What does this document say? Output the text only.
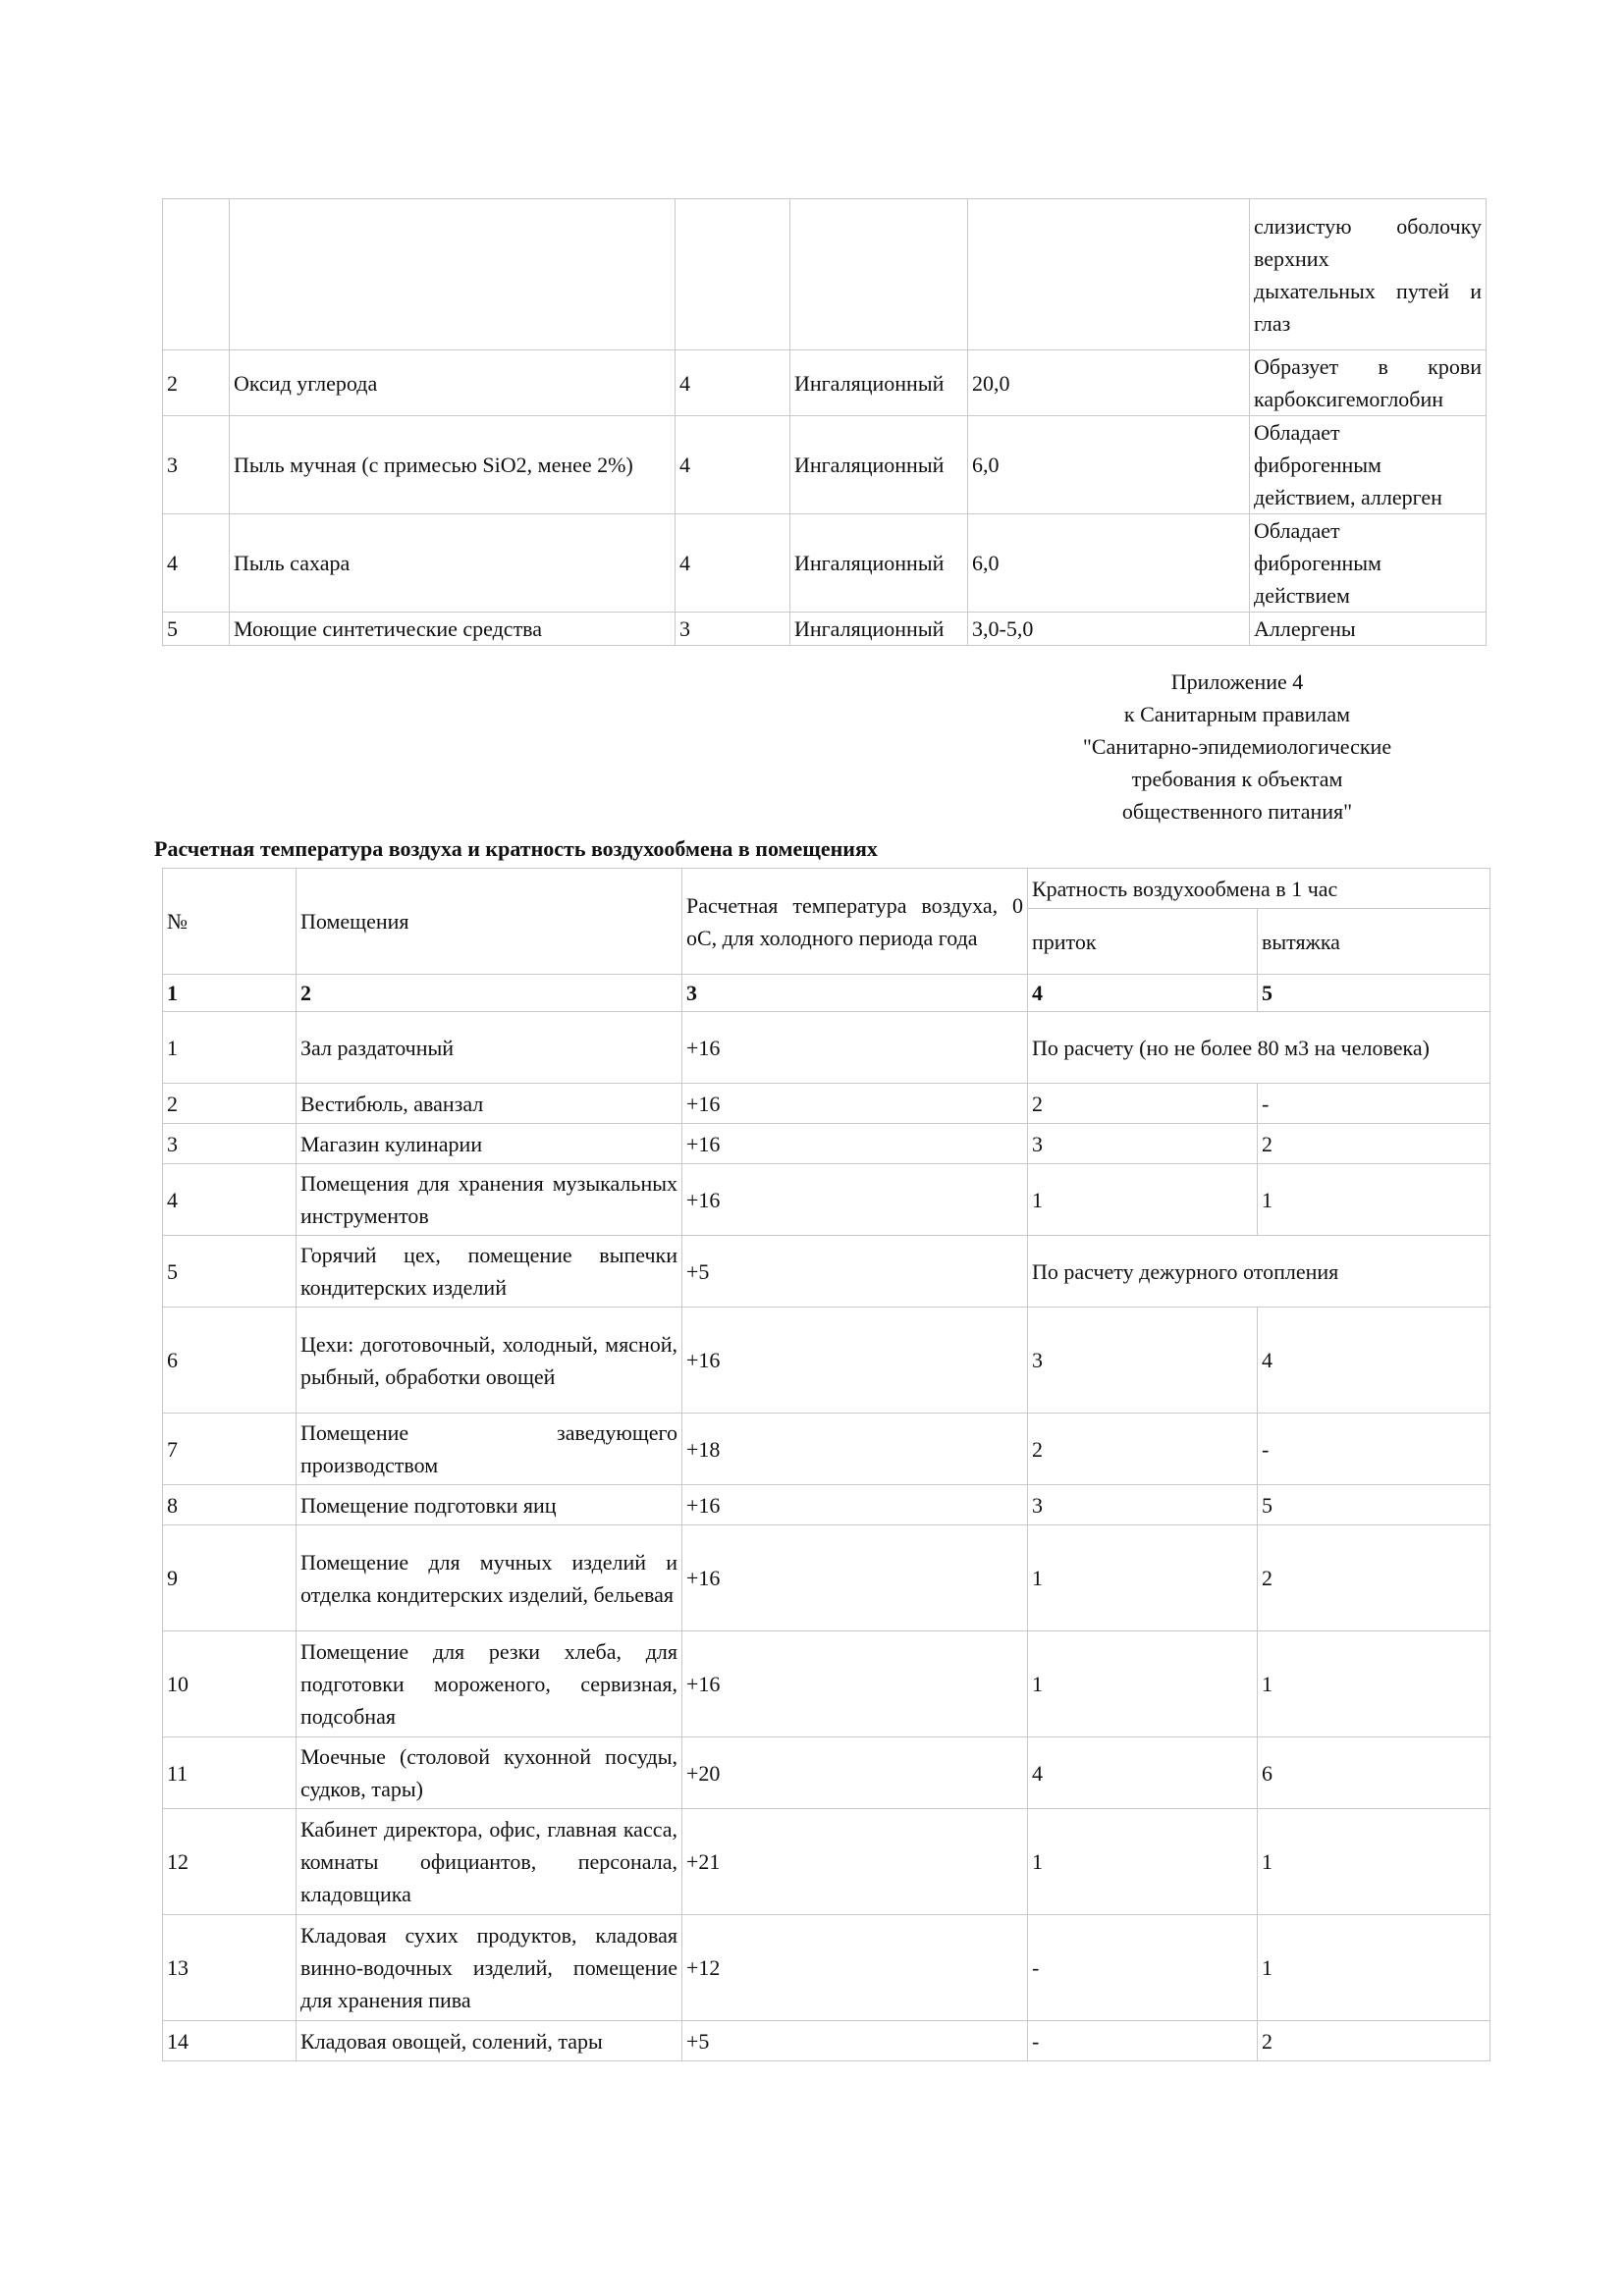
					слизистую оболочку
верхних
дыхательных путей и
глаз

2	Оксид углерода	4	Ингаляционный	20,0	Образует в крови
карбоксигемоглобин

3	Пыль мучная (с примесью SiO2, менее 2%)	4	Ингаляционный	6,0	Обладает
фиброгенным
действием, аллерген

4	Пыль сахара	4	Ингаляционный	6,0	Обладает
фиброгенным
действием

5	Моющие синтетические средства	3	Ингаляционный	3,0-5,0	Аллергены
Приложение 4
к Санитарным правилам
"Санитарно-эпидемиологические
требования к объектам
общественного питания"
Расчетная температура воздуха и кратность воздухообмена в помещениях
№	Помещения	Расчетная температура воздуха, 0 оС, для холодного периода года	Кратность воздухообмена в 1 час	
			приток	вытяжка
1	2	3	4	5
1	Зал раздаточный	+16	По расчету (но не более 80 м3 на человека)	
2	Вестибюль, аванзал	+16	2	-
3	Магазин кулинарии	+16	3	2
4	Помещения для хранения музыкальных инструментов	+16	1	1
5	Горячий цех, помещение выпечки кондитерских изделий	+5	По расчету дежурного отопления	
6	Цехи: доготовочный, холодный, мясной, рыбный, обработки овощей	+16	3	4
7	Помещение заведующего производством	+18	2	-
8	Помещение подготовки яиц	+16	3	5
9	Помещение для мучных изделий и отделка кондитерских изделий, бельевая	+16	1	2
10	Помещение для резки хлеба, для подготовки мороженого, сервизная, подсобная	+16	1	1
11	Моечные (столовой кухонной посуды, судков, тары)	+20	4	6
12	Кабинет директора, офис, главная касса, комнаты официантов, персонала, кладовщика	+21	1	1
13	Кладовая сухих продуктов, кладовая винно-водочных изделий, помещение для хранения пива	+12	-	1
14	Кладовая овощей, солений, тары	+5	-	2
